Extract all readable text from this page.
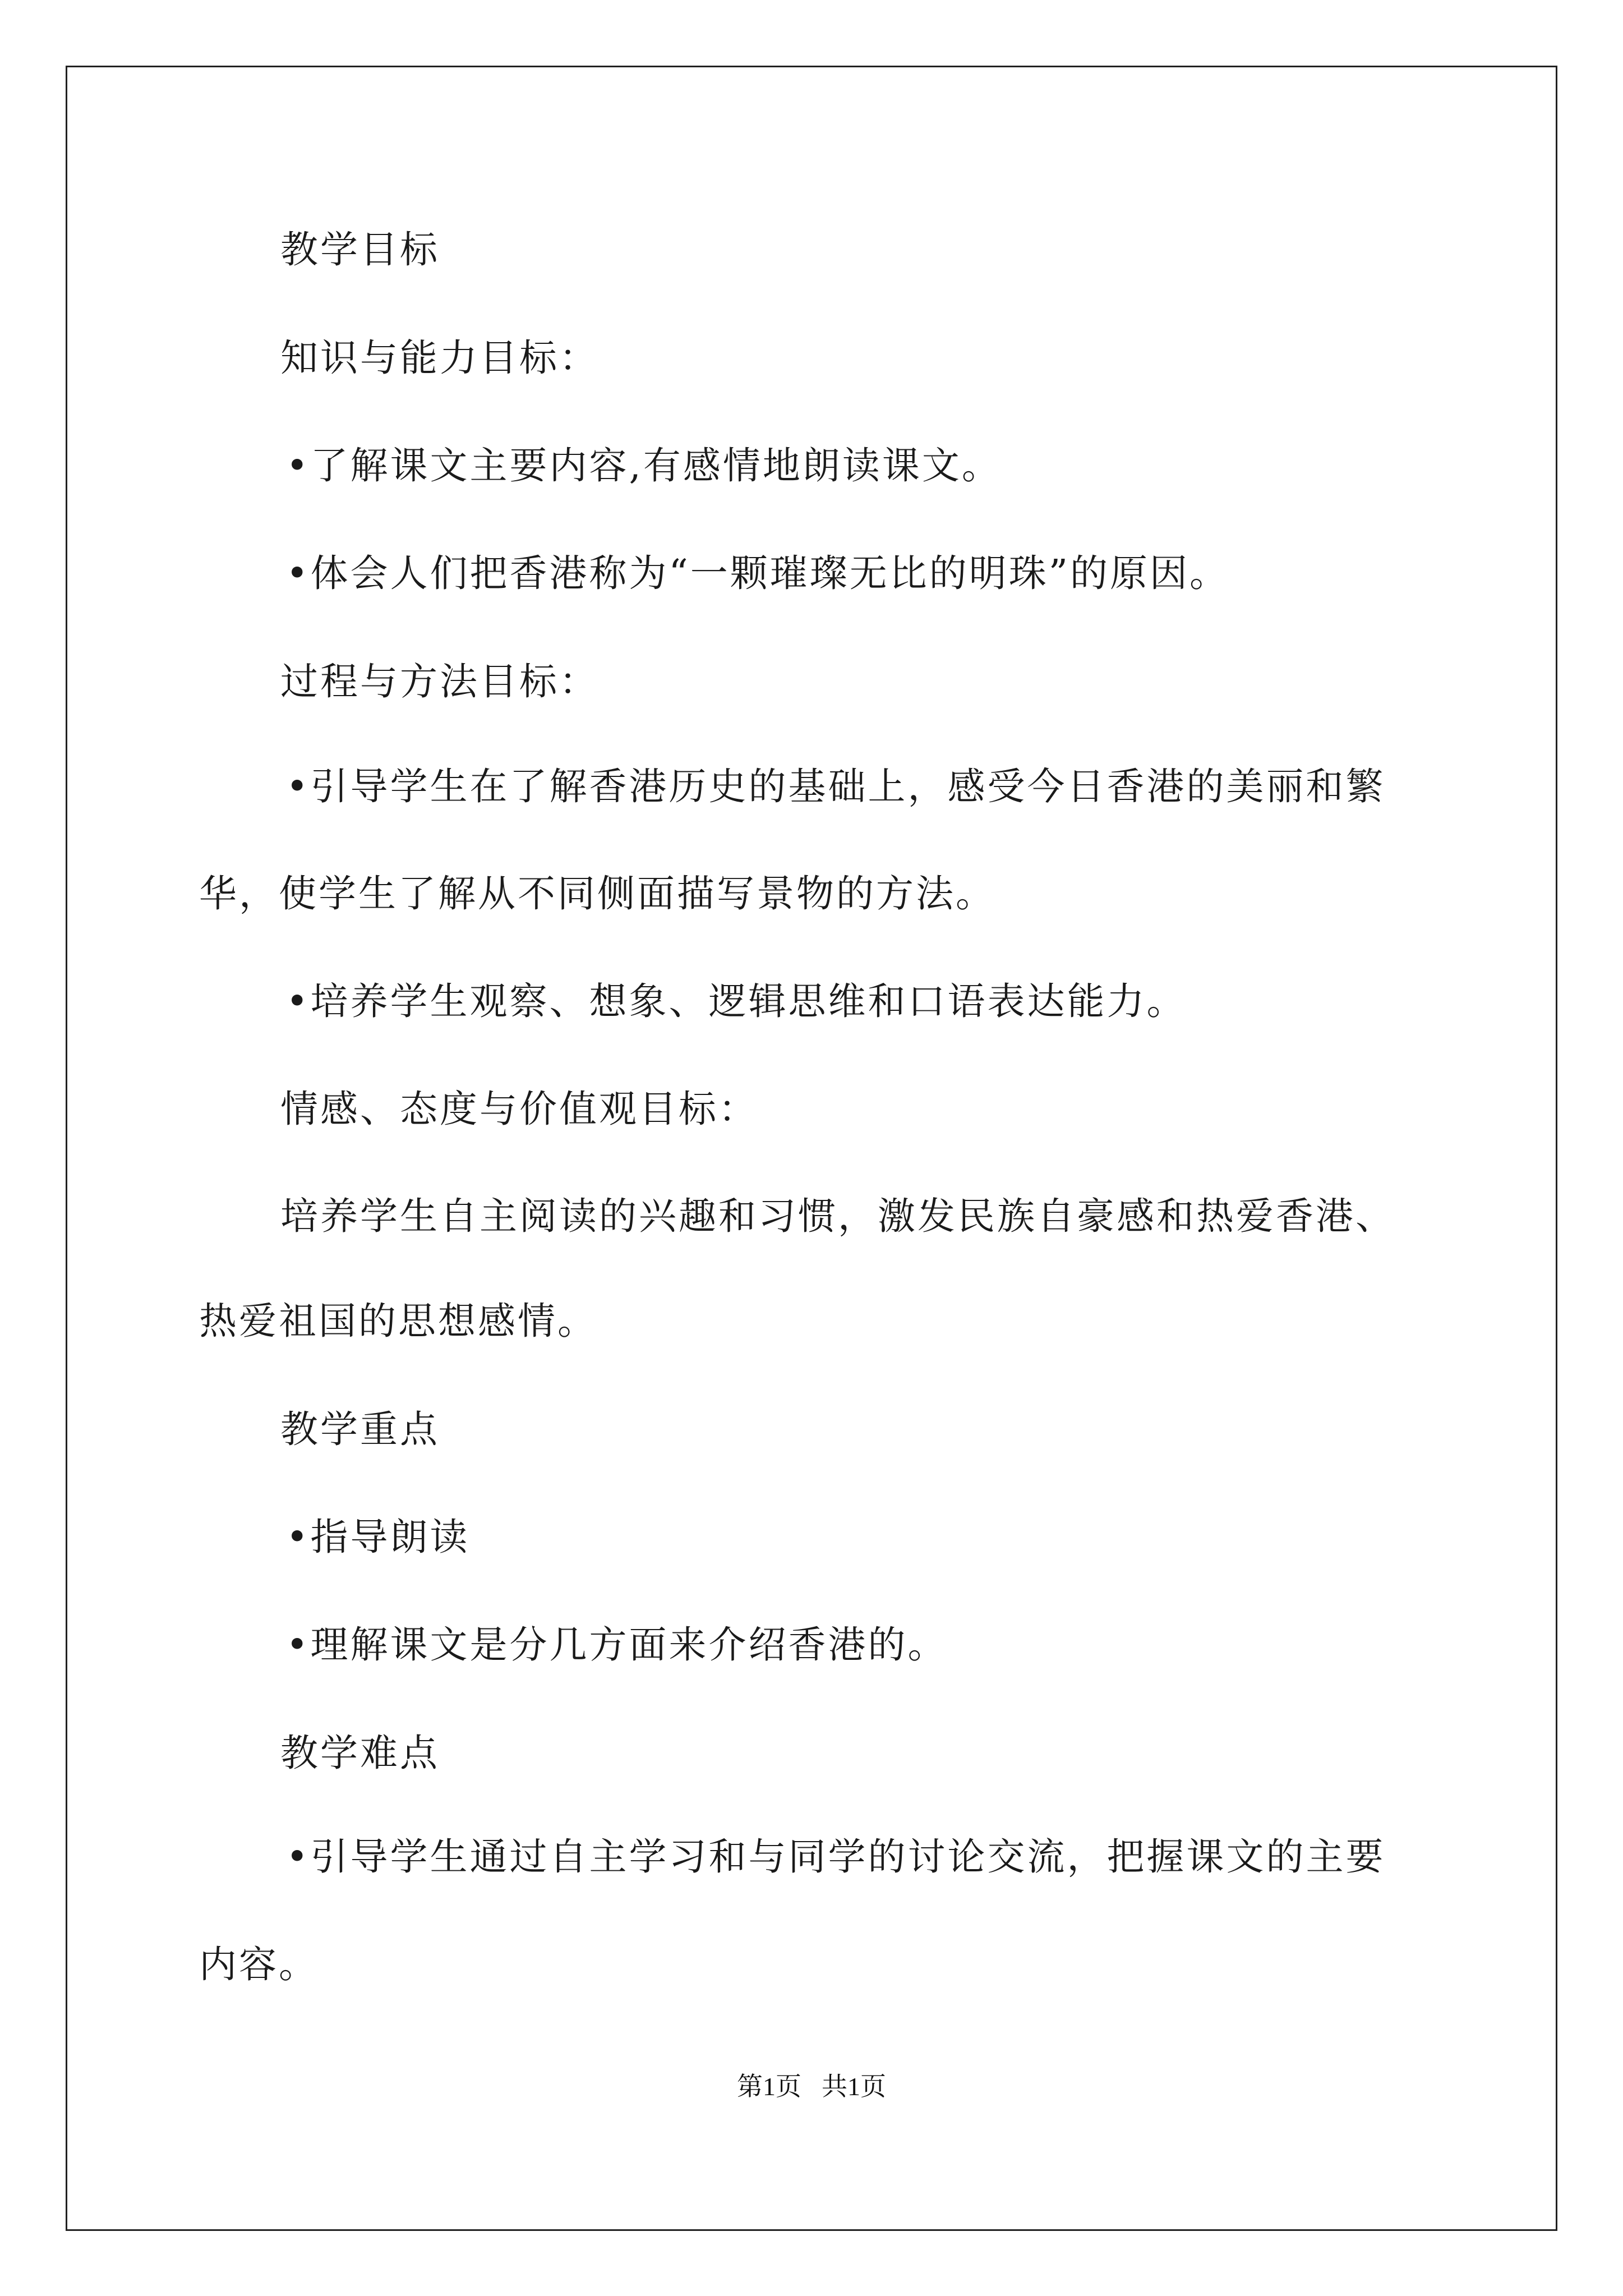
教学目标
知识与能力目标：
•了解课文主要内容,有感情地朗读课文。
•体会人们把香港称为“一颗璀璨无比的明珠”的原因。
过程与方法目标：
•引导学生在了解香港历史的基础上，感受今日香港的美丽和繁
华，使学生了解从不同侧面描写景物的方法。
•培养学生观察、想象、逻辑思维和口语表达能力。
情感、态度与价值观目标：
培养学生自主阅读的兴趣和习惯，激发民族自豪感和热爱香港、
热爱祖国的思想感情。
教学重点
•指导朗读
•理解课文是分几方面来介绍香港的。
教学难点
•引导学生通过自主学习和与同学的讨论交流，把握课文的主要
内容。
第1页 共1页
